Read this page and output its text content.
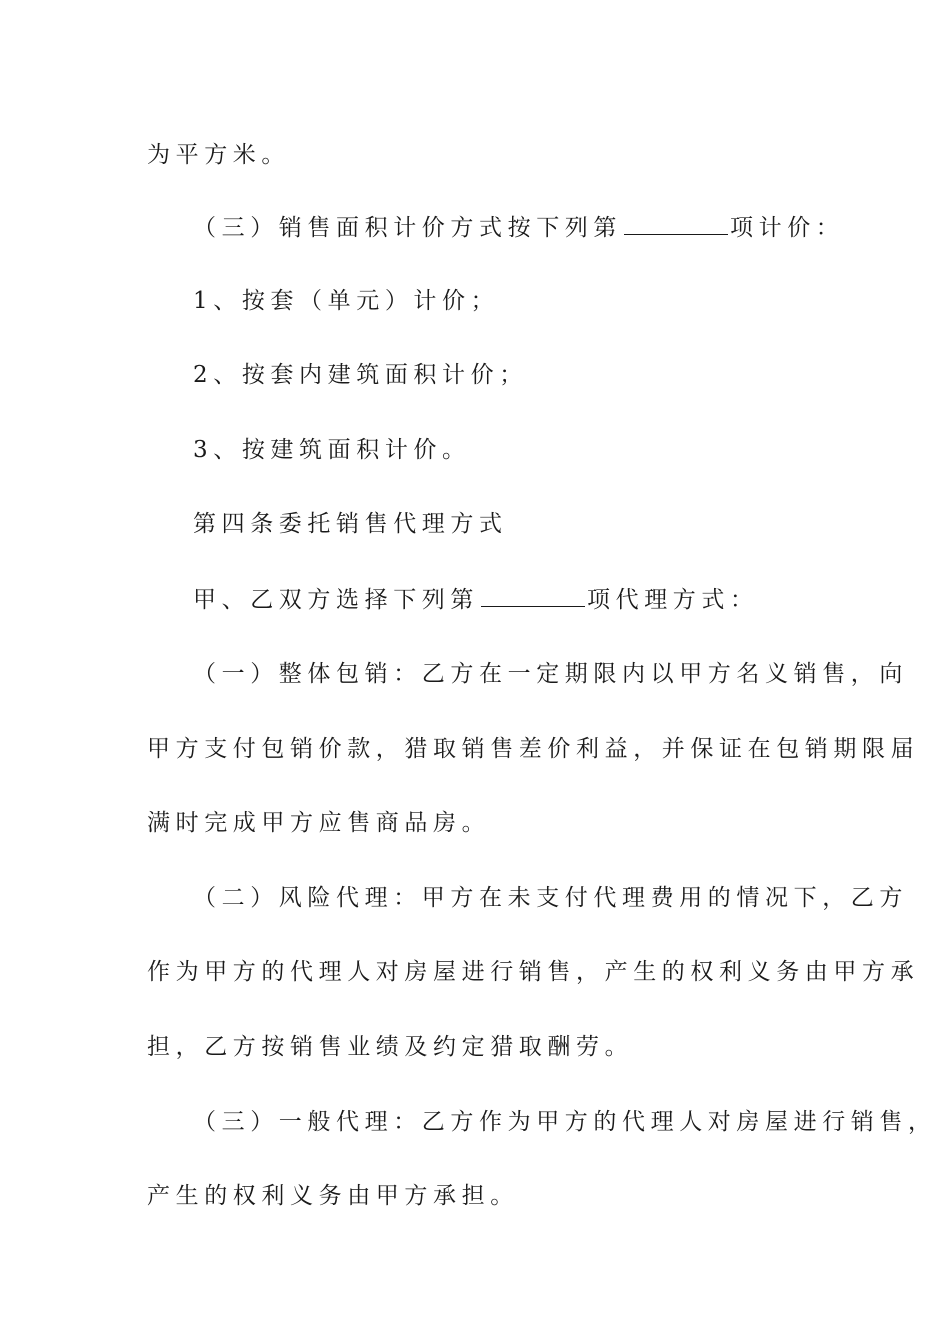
为平方米。
（三）销售面积计价方式按下列第	项计价：
1、按套（单元）计价；
2、按套内建筑面积计价；
3、按建筑面积计价。
第四条委托销售代理方式
甲、乙双方选择下列第	项代理方式：
（一）整体包销：乙方在一定期限内以甲方名义销售，向
甲方支付包销价款，猎取销售差价利益，并保证在包销期限届
满时完成甲方应售商品房。
（二）风险代理：甲方在未支付代理费用的情况下，乙方
作为甲方的代理人对房屋进行销售，产生的权利义务由甲方承
担，乙方按销售业绩及约定猎取酬劳。
（三）一般代理：乙方作为甲方的代理人对房屋进行销售，
产生的权利义务由甲方承担。
